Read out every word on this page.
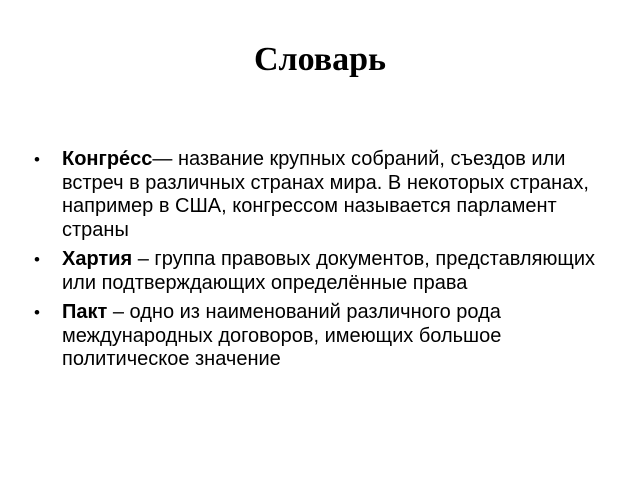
Словарь
• Конгре́сс— название крупных собраний, съездов или встреч в различных странах мира. В некоторых странах, например в США, конгрессом называется парламент страны
• Хартия – группа правовых документов, представляющих или подтверждающих определённые права
• Пакт – одно из наименований различного рода международных договоров, имеющих большое политическое значение
